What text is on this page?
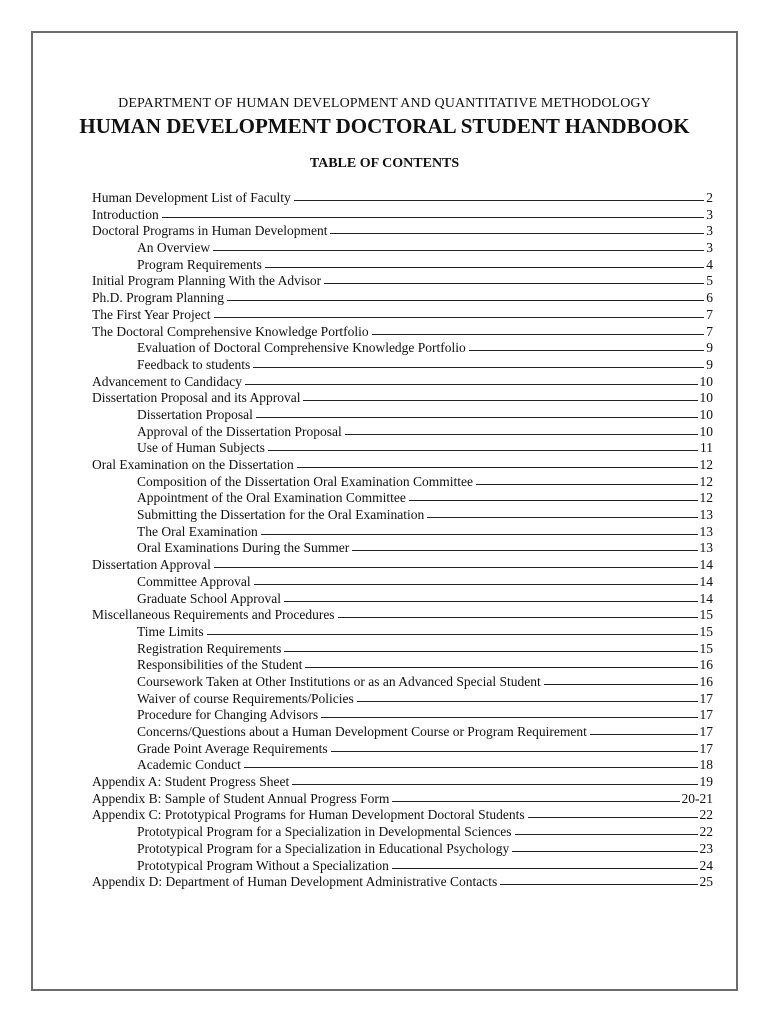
DEPARTMENT OF HUMAN DEVELOPMENT AND QUANTITATIVE METHODOLOGY
HUMAN DEVELOPMENT DOCTORAL STUDENT HANDBOOK
TABLE OF CONTENTS
Human Development List of Faculty	2
Introduction	3
Doctoral Programs in Human Development	3
An Overview	3
Program Requirements	4
Initial Program Planning With the Advisor	5
Ph.D. Program Planning	6
The First Year Project	7
The Doctoral Comprehensive Knowledge Portfolio	7
Evaluation of Doctoral Comprehensive Knowledge Portfolio	9
Feedback to students	9
Advancement to Candidacy	10
Dissertation Proposal and its Approval	10
Dissertation Proposal	10
Approval of the Dissertation Proposal	10
Use of Human Subjects	11
Oral Examination on the Dissertation	12
Composition of the Dissertation Oral Examination Committee	12
Appointment of the Oral Examination Committee	12
Submitting the Dissertation for the Oral Examination	13
The Oral Examination	13
Oral Examinations During the Summer	13
Dissertation Approval	14
Committee Approval	14
Graduate School Approval	14
Miscellaneous Requirements and Procedures	15
Time Limits	15
Registration Requirements	15
Responsibilities of the Student	16
Coursework Taken at Other Institutions or as an Advanced Special Student	16
Waiver of course Requirements/Policies	17
Procedure for Changing Advisors	17
Concerns/Questions about a Human Development Course or Program Requirement	17
Grade Point Average Requirements	17
Academic Conduct	18
Appendix A: Student Progress Sheet	19
Appendix B: Sample of Student Annual Progress Form	20-21
Appendix C: Prototypical Programs for Human Development Doctoral Students	22
Prototypical Program for a Specialization in Developmental Sciences	22
Prototypical Program for a Specialization in Educational Psychology	23
Prototypical Program Without a Specialization	24
Appendix D: Department of Human Development Administrative Contacts	25
